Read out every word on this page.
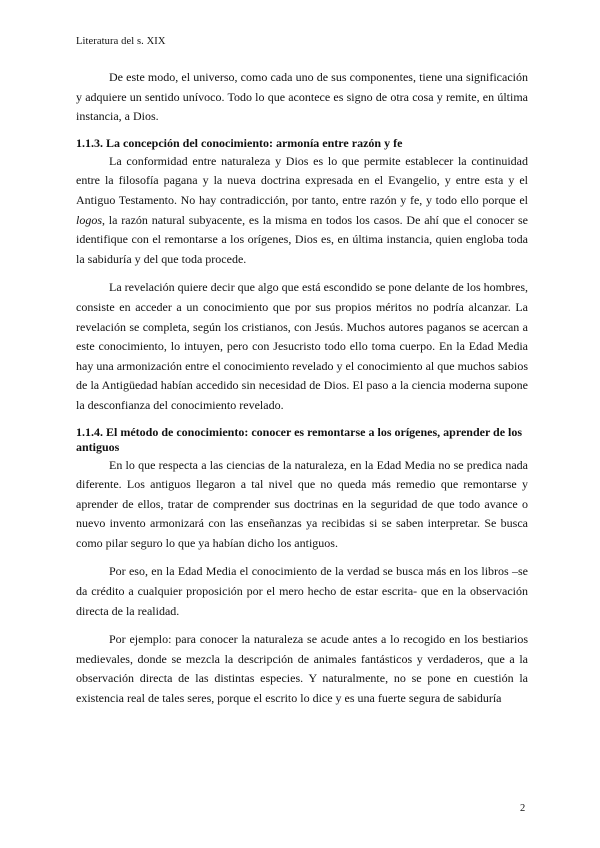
Literatura del s. XIX

De este modo, el universo, como cada uno de sus componentes, tiene una significación y adquiere un sentido unívoco. Todo lo que acontece es signo de otra cosa y remite, en última instancia, a Dios.

1.1.3. La concepción del conocimiento: armonía entre razón y fe

La conformidad entre naturaleza y Dios es lo que permite establecer la continuidad entre la filosofía pagana y la nueva doctrina expresada en el Evangelio, y entre esta y el Antiguo Testamento. No hay contradicción, por tanto, entre razón y fe, y todo ello porque el logos, la razón natural subyacente, es la misma en todos los casos. De ahí que el conocer se identifique con el remontarse a los orígenes, Dios es, en última instancia, quien engloba toda la sabiduría y del que toda procede.

La revelación quiere decir que algo que está escondido se pone delante de los hombres, consiste en acceder a un conocimiento que por sus propios méritos no podría alcanzar. La revelación se completa, según los cristianos, con Jesús. Muchos autores paganos se acercan a este conocimiento, lo intuyen, pero con Jesucristo todo ello toma cuerpo. En la Edad Media hay una armonización entre el conocimiento revelado y el conocimiento al que muchos sabios de la Antigüedad habían accedido sin necesidad de Dios. El paso a la ciencia moderna supone la desconfianza del conocimiento revelado.

1.1.4. El método de conocimiento: conocer es remontarse a los orígenes, aprender de los antiguos

En lo que respecta a las ciencias de la naturaleza, en la Edad Media no se predica nada diferente. Los antiguos llegaron a tal nivel que no queda más remedio que remontarse y aprender de ellos, tratar de comprender sus doctrinas en la seguridad de que todo avance o nuevo invento armonizará con las enseñanzas ya recibidas si se saben interpretar. Se busca como pilar seguro lo que ya habían dicho los antiguos.

Por eso, en la Edad Media el conocimiento de la verdad se busca más en los libros –se da crédito a cualquier proposición por el mero hecho de estar escrita- que en la observación directa de la realidad.

Por ejemplo: para conocer la naturaleza se acude antes a lo recogido en los bestiarios medievales, donde se mezcla la descripción de animales fantásticos y verdaderos, que a la observación directa de las distintas especies. Y naturalmente, no se pone en cuestión la existencia real de tales seres, porque el escrito lo dice y es una fuerte segura de sabiduría

2
